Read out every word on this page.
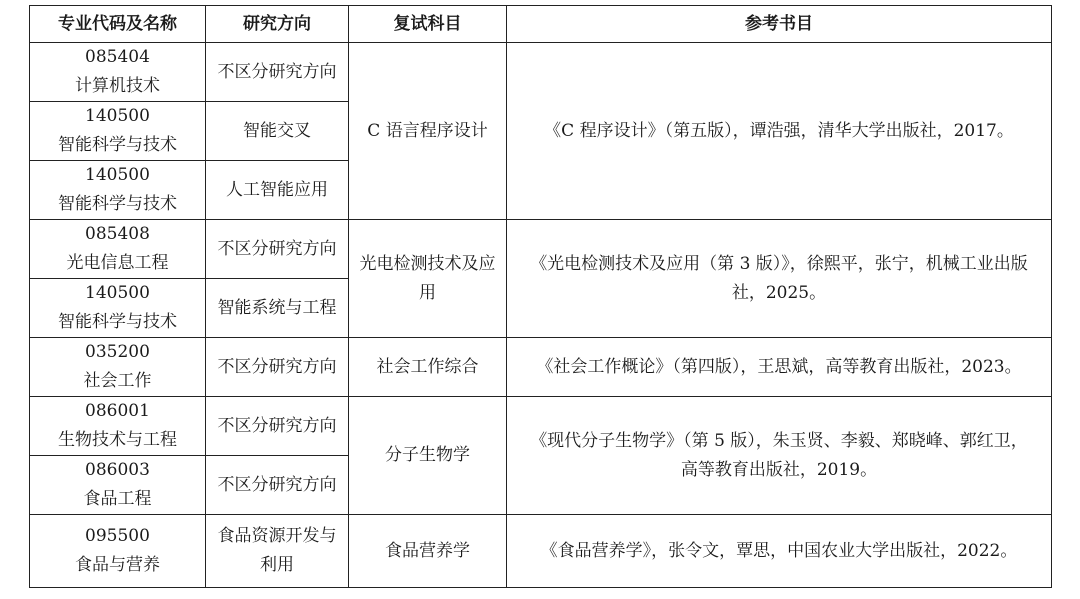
专业代码及名称	研究方向	复试科目	参考书目

085404
计算机技术	不区分研究方向	C 语言程序设计	《C 程序设计》（第五版），谭浩强，清华大学出版社，2017。

140500
智能科学与技术	智能交叉		

140500
智能科学与技术	人工智能应用		

085408
光电信息工程	不区分研究方向	光电检测技术及应用	《光电检测技术及应用（第 3 版）》，徐熙平，张宁，机械工业出版社，2025。

140500
智能科学与技术	智能系统与工程		

035200
社会工作	不区分研究方向	社会工作综合	《社会工作概论》（第四版），王思斌，高等教育出版社，2023。

086001
生物技术与工程	不区分研究方向	分子生物学	《现代分子生物学》（第 5 版），朱玉贤、李毅、郑晓峰、郭红卫，高等教育出版社，2019。

086003
食品工程	不区分研究方向		

095500
食品与营养	食品资源开发与利用	食品营养学	《食品营养学》，张令文，覃思，中国农业大学出版社，2022。
